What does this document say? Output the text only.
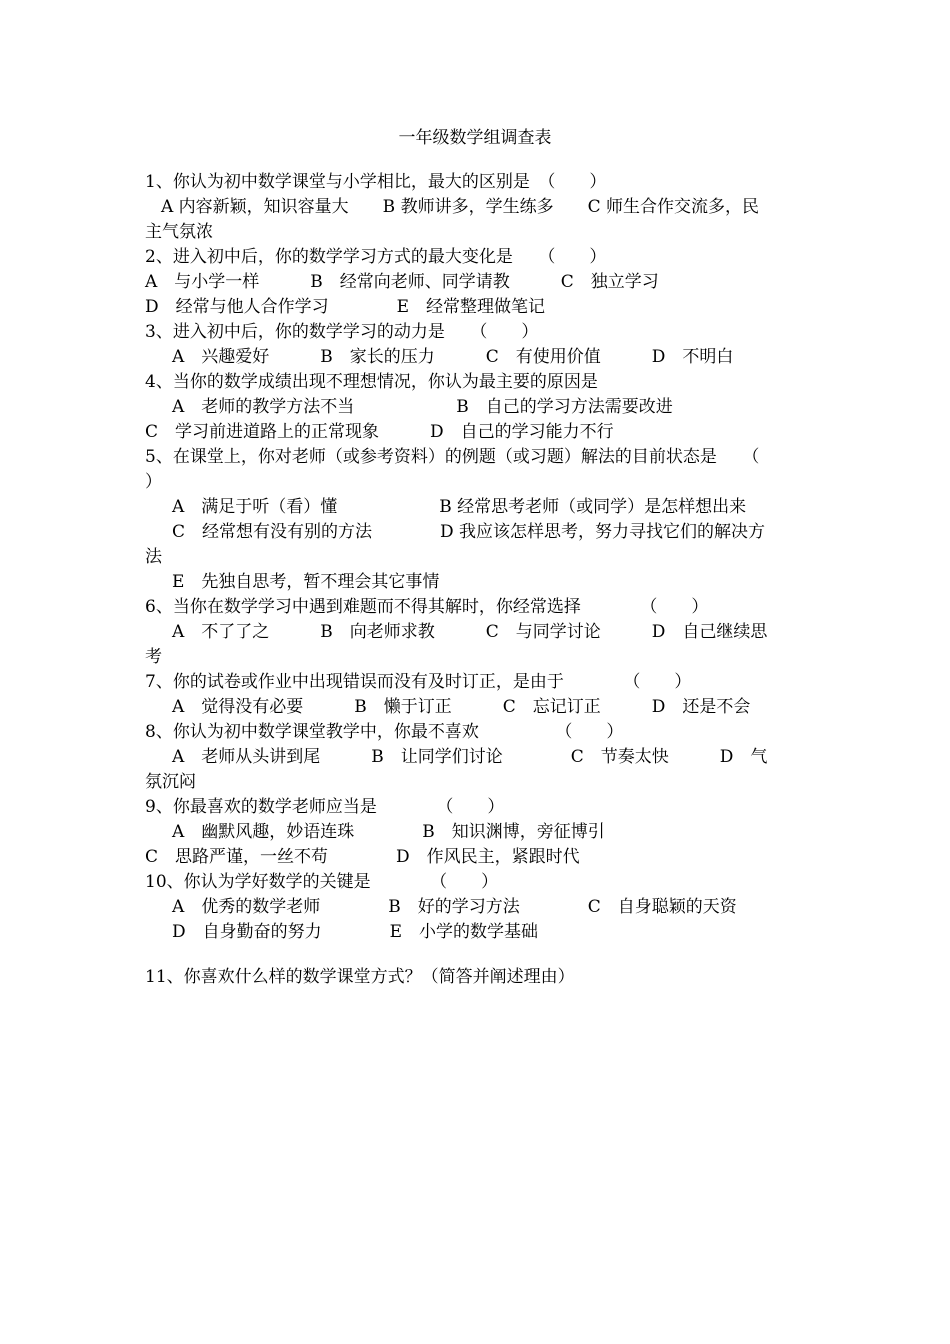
一年级数学组调查表
1、你认为初中数学课堂与小学相比，最大的区别是　（　　）
A 内容新颖，知识容量大　　B 教师讲多，学生练多　　C 师生合作交流多，民
主气氛浓
2、进入初中后，你的数学学习方式的最大变化是　　（　　）
A　与小学一样　　　B　经常向老师、同学请教　　　C　独立学习
D　经常与他人合作学习　　　　E　经常整理做笔记
3、进入初中后，你的数学学习的动力是　　（　　）
A　兴趣爱好　　　B　家长的压力　　　C　有使用价值　　　D　不明白
4、当你的数学成绩出现不理想情况，你认为最主要的原因是
A　老师的教学方法不当　　　　　　B　自己的学习方法需要改进
C　学习前进道路上的正常现象　　　D　自己的学习能力不行
5、在课堂上，你对老师（或参考资料）的例题（或习题）解法的目前状态是　　（
）
A　满足于听（看）懂　　　　　　B 经常思考老师（或同学）是怎样想出来
C　经常想有没有别的方法　　　　D 我应该怎样思考，努力寻找它们的解决方
法
E　先独自思考，暂不理会其它事情
6、当你在数学学习中遇到难题而不得其解时，你经常选择　　　　（　　）
A　不了了之　　　B　向老师求教　　　C　与同学讨论　　　D　自己继续思
考
7、你的试卷或作业中出现错误而没有及时订正，是由于　　　　（　　）
A　觉得没有必要　　　B　懒于订正　　　C　忘记订正　　　D　还是不会
8、你认为初中数学课堂教学中，你最不喜欢　　　　　（　　）
A　老师从头讲到尾　　　B　让同学们讨论　　　　C　节奏太快　　　D　气
氛沉闷
9、你最喜欢的数学老师应当是　　　　（　　）
A　幽默风趣，妙语连珠　　　　B　知识渊博，旁征博引
C　思路严谨，一丝不苟　　　　D　作风民主，紧跟时代
10、你认为学好数学的关键是　　　　（　　）
A　优秀的数学老师　　　　B　好的学习方法　　　　C　自身聪颖的天资
D　自身勤奋的努力　　　　E　小学的数学基础
11、你喜欢什么样的数学课堂方式？（简答并阐述理由）
